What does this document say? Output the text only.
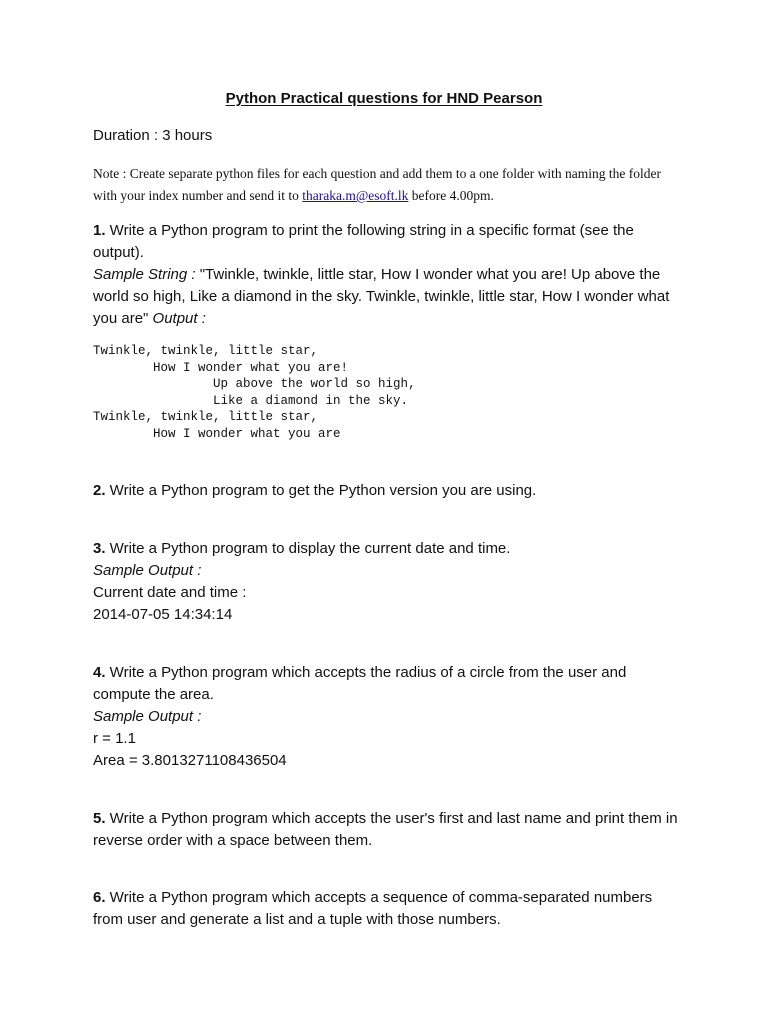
Python Practical questions for HND Pearson
Duration : 3 hours
Note : Create separate python files for each question and add them to a one folder with naming the folder with your index number and send it to tharaka.m@esoft.lk before 4.00pm.
1. Write a Python program to print the following string in a specific format (see the output).
Sample String : "Twinkle, twinkle, little star, How I wonder what you are! Up above the world so high, Like a diamond in the sky. Twinkle, twinkle, little star, How I wonder what you are" Output :
Twinkle, twinkle, little star,
	How I wonder what you are!
		Up above the world so high,
		Like a diamond in the sky.
Twinkle, twinkle, little star,
	How I wonder what you are
2. Write a Python program to get the Python version you are using.
3. Write a Python program to display the current date and time.
Sample Output :
Current date and time :
2014-07-05 14:34:14
4. Write a Python program which accepts the radius of a circle from the user and compute the area.
Sample Output :
r = 1.1
Area = 3.8013271108436504
5. Write a Python program which accepts the user's first and last name and print them in reverse order with a space between them.
6. Write a Python program which accepts a sequence of comma-separated numbers from user and generate a list and a tuple with those numbers.
